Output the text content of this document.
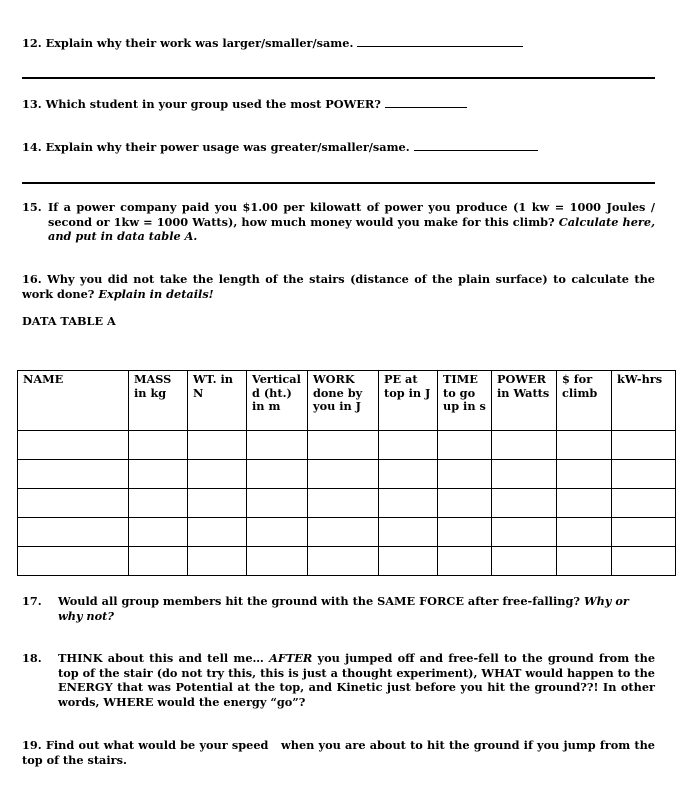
12. Explain why their work was larger/smaller/same.
13. Which student in your group used the most POWER?
14. Explain why their power usage was greater/smaller/same.
15. If a power company paid you $1.00 per kilowatt of power you produce (1 kw = 1000 Joules / second or 1kw = 1000 Watts), how much money would you make for this climb? Calculate here, and put in data table A.
16. Why you did not take the length of the stairs (distance of the plain surface) to calculate the work done? Explain in details!
DATA TABLE A
NAME	MASS in kg	WT. in N	Vertical d (ht.) in m	WORK done by you in J	PE at top in J	TIME to go up in s	POWER in Watts	$ for climb	kW-hrs

17. Would all group members hit the ground with the SAME FORCE after free-falling? Why or why not?
18. THINK about this and tell me… AFTER you jumped off and free-fell to the ground from the top of the stair (do not try this, this is just a thought experiment), WHAT would happen to the ENERGY that was Potential at the top, and Kinetic just before you hit the ground??! In other words, WHERE would the energy “go”?
19. Find out what would be your speed   when you are about to hit the ground if you jump from the top of the stairs.
